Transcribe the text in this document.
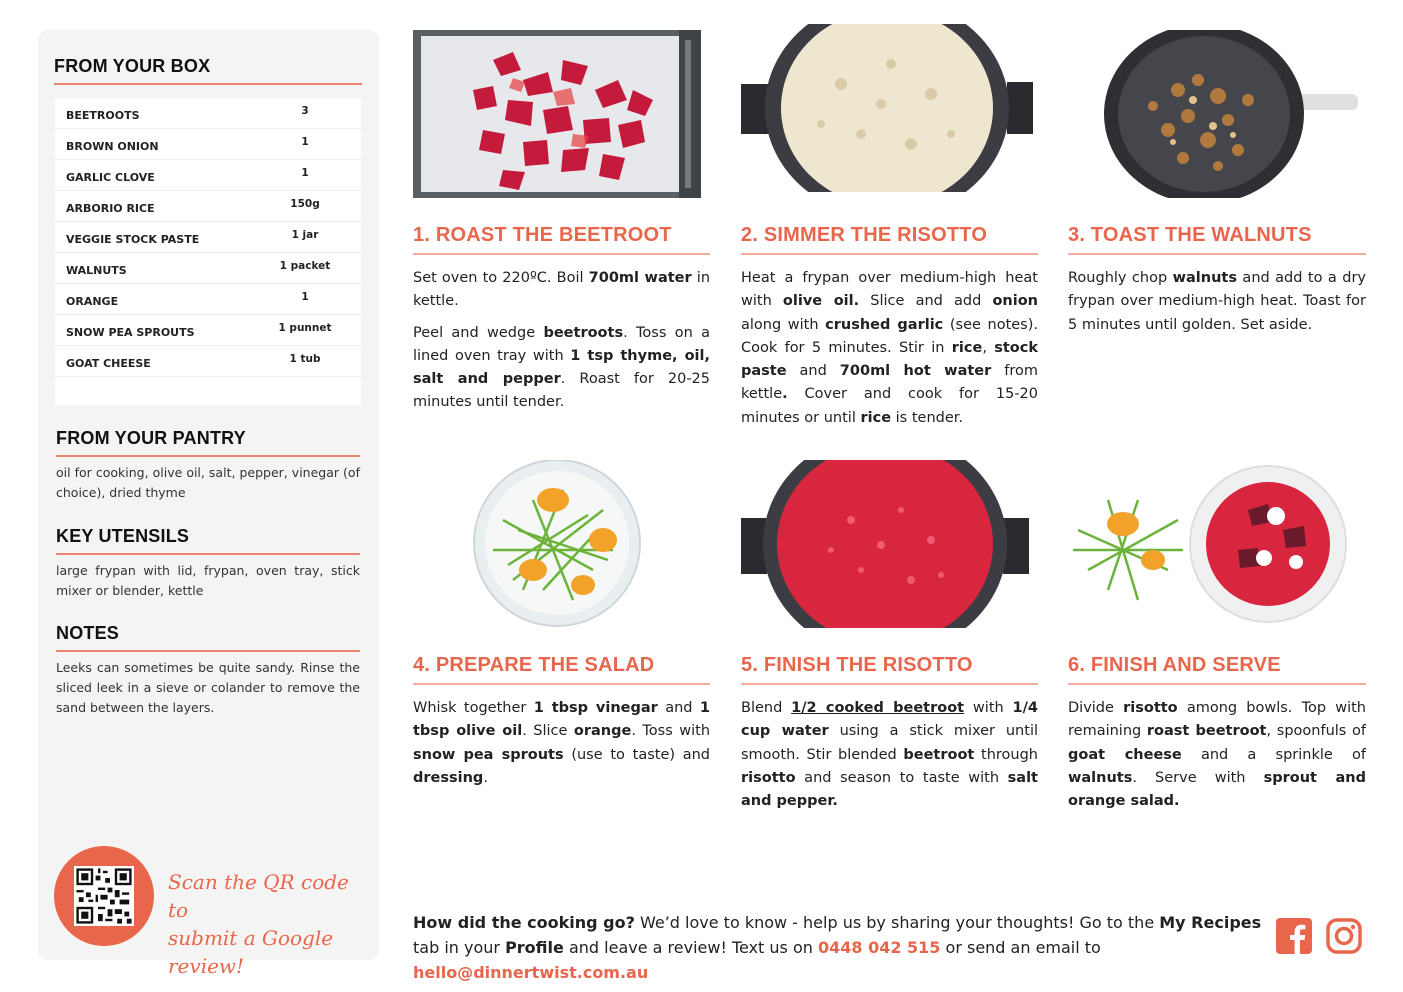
FROM YOUR BOX
BEETROOTS	3
BROWN ONION	1
GARLIC CLOVE	1
ARBORIO RICE	150g
VEGGIE STOCK PASTE	1 jar
WALNUTS	1 packet
ORANGE	1
SNOW PEA SPROUTS	1 punnet
GOAT CHEESE	1 tub
FROM YOUR PANTRY
oil for cooking, olive oil, salt, pepper, vinegar (of choice), dried thyme
KEY UTENSILS
large frypan with lid, frypan, oven tray, stick mixer or blender, kettle
NOTES
Leeks can sometimes be quite sandy. Rinse the sliced leek in a sieve or colander to remove the sand between the layers.
Scan the QR code to
submit a Google review!
1. ROAST THE BEETROOT

Set oven to 220ºC. Boil 700ml water in kettle.

Peel and wedge beetroots. Toss on a lined oven tray with 1 tsp thyme, oil, salt and pepper. Roast for 20-25 minutes until tender.

2. SIMMER THE RISOTTO

Heat a frypan over medium-high heat with olive oil. Slice and add onion along with crushed garlic (see notes). Cook for 5 minutes. Stir in rice, stock paste and 700ml hot water from kettle. Cover and cook for 15-20 minutes or until rice is tender.

3. TOAST THE WALNUTS

Roughly chop walnuts and add to a dry frypan over medium-high heat. Toast for 5 minutes until golden. Set aside.

4. PREPARE THE SALAD

Whisk together 1 tbsp vinegar and 1 tbsp olive oil. Slice orange. Toss with snow pea sprouts (use to taste) and dressing.

5. FINISH THE RISOTTO

Blend 1/2 cooked beetroot with 1/4 cup water using a stick mixer until smooth. Stir blended beetroot through risotto and season to taste with salt and pepper.

6. FINISH AND SERVE

Divide risotto among bowls. Top with remaining roast beetroot, spoonfuls of goat cheese and a sprinkle of walnuts. Serve with sprout and orange salad.

How did the cooking go? We’d love to know - help us by sharing your thoughts! Go to the My Recipes tab in your Profile and leave a review! Text us on 0448 042 515 or send an email to hello@dinnertwist.com.au
